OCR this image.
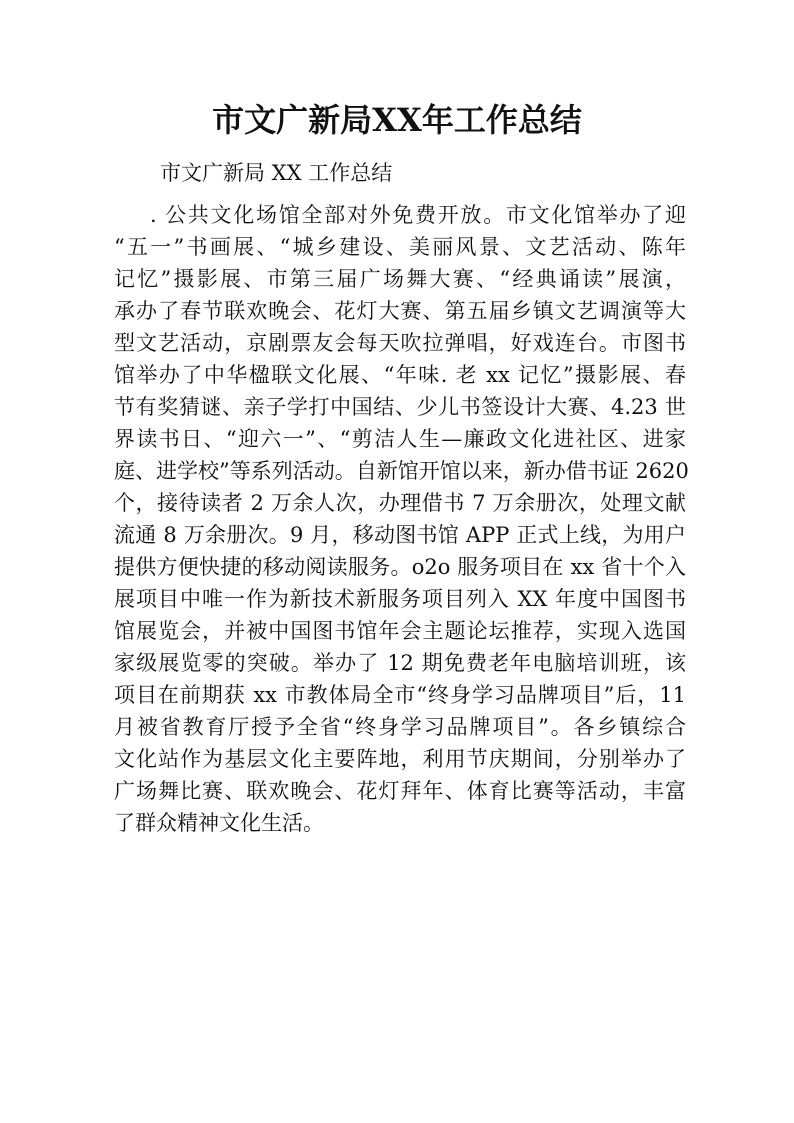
市文广新局XX年工作总结

市文广新局 XX 工作总结

. 公共文化场馆全部对外免费开放。市文化馆举办了迎
“五一”书画展、“城乡建设、美丽风景、文艺活动、陈年
记忆”摄影展、市第三届广场舞大赛、“经典诵读”展演，
承办了春节联欢晚会、花灯大赛、第五届乡镇文艺调演等大
型文艺活动，京剧票友会每天吹拉弹唱，好戏连台。市图书
馆举办了中华楹联文化展、“年味. 老 xx 记忆”摄影展、春
节有奖猜谜、亲子学打中国结、少儿书签设计大赛、4.23 世
界读书日、“迎六一”、“剪洁人生—廉政文化进社区、进家
庭、进学校”等系列活动。自新馆开馆以来，新办借书证 2620
个，接待读者 2 万余人次，办理借书 7 万余册次，处理文献
流通 8 万余册次。9 月，移动图书馆 APP 正式上线，为用户
提供方便快捷的移动阅读服务。o2o 服务项目在 xx 省十个入
展项目中唯一作为新技术新服务项目列入 XX 年度中国图书
馆展览会，并被中国图书馆年会主题论坛推荐，实现入选国
家级展览零的突破。举办了 12 期免费老年电脑培训班，该
项目在前期获 xx 市教体局全市“终身学习品牌项目”后，11
月被省教育厅授予全省“终身学习品牌项目”。各乡镇综合
文化站作为基层文化主要阵地，利用节庆期间，分别举办了
广场舞比赛、联欢晚会、花灯拜年、体育比赛等活动，丰富
了群众精神文化生活。
